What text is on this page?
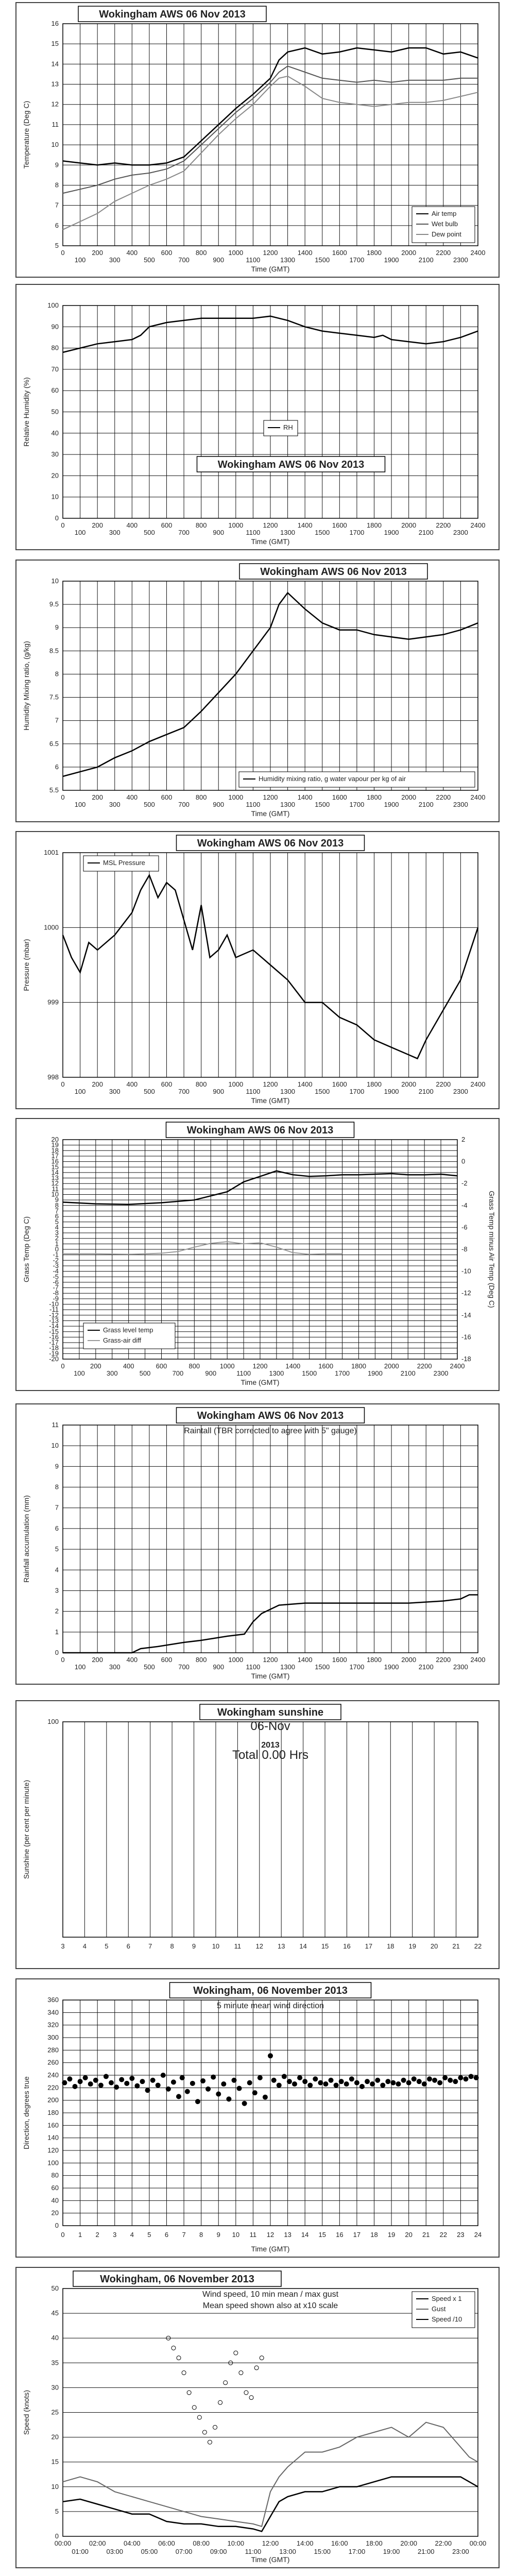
5
6
7
8
9
10
11
12
13
14
15
16
0
100
200
300
400
500
600
700
800
900
1000
1100
1200
1300
1400
1500
1600
1700
1800
1900
2000
2100
2200
2300
2400
Time (GMT)
Temperature (Deg C)
Wokingham AWS 06 Nov 2013
Air temp
Wet bulb
Dew point
0
10
20
30
40
50
60
70
80
90
100
0
100
200
300
400
500
600
700
800
900
1000
1100
1200
1300
1400
1500
1600
1700
1800
1900
2000
2100
2200
2300
2400
Time (GMT)
Relative Humidity (%)
Wokingham AWS 06 Nov 2013
RH
5.5
6
6.5
7
7.5
8
8.5
9
9.5
10
0
100
200
300
400
500
600
700
800
900
1000
1100
1200
1300
1400
1500
1600
1700
1800
1900
2000
2100
2200
2300
2400
Time (GMT)
Humidity Mixing ratio, (g/kg)
Wokingham AWS 06 Nov 2013
Humidity mixing ratio, g water vapour per kg of air
998
999
1000
1001
0
100
200
300
400
500
600
700
800
900
1000
1100
1200
1300
1400
1500
1600
1700
1800
1900
2000
2100
2200
2300
2400
Time (GMT)
Pressure (mbar)
Wokingham AWS 06 Nov 2013
MSL Pressure
-20
-19
-18
-17
-16
-15
-14
-13
-12
-11
-10
-9
-8
-7
-6
-5
-4
-3
-2
-1
0
1
2
3
4
5
6
7
8
9
10
11
12
13
14
15
16
17
18
19
20
-18
-16
-14
-12
-10
-8
-6
-4
-2
0
2
Grass Temp minus Air Temp (Deg C)
0
100
200
300
400
500
600
700
800
900
1000
1100
1200
1300
1400
1500
1600
1700
1800
1900
2000
2100
2200
2300
2400
Time (GMT)
Grass Temp (Deg C)
Wokingham AWS 06 Nov 2013
Grass level temp
Grass-air diff
0
1
2
3
4
5
6
7
8
9
10
11
0
100
200
300
400
500
600
700
800
900
1000
1100
1200
1300
1400
1500
1600
1700
1800
1900
2000
2100
2200
2300
2400
Time (GMT)
Rainfall accumulation (mm)
Wokingham AWS 06 Nov 2013
Raintall (TBR corrected to agree with 5" gauge)
100
3	4	5	6	7	8	9 10 11 12 13 14 15 16 17 18 19 20 21 22
Sunshine (per cent per minute)
Wokingham sunshine
06-Nov
2013
Total 0.00 Hrs
0
20
40
60
80
100
120
140
160
180
200
220
240
260
280
300
320
340
360
0 1 2 3 4 5 6 7 8 9 10 11 12 13 14 15 16 17 18 19 20 21 22 23 24
Time (GMT)
Direction, degrees true
Wokingham, 06 November 2013
5 minute mean wind direction
0
5
10
15
20
25
30
35
40
45
50
00:00	02:00	04:00	06:00	08:00	10:00	12:00	14:00	16:00	18:00	20:00	22:00	00:00
01:00	03:00	05:00	07:00	09:00	11:00	13:00	15:00	17:00	19:00	21:00	23:00
Time (GMT)
Speed (knots)
Wokingham, 06 November 2013
Wind speed, 10 min mean / max gust
Mean speed shown also at x10 scale
Speed x 1
Gust
Speed /10
